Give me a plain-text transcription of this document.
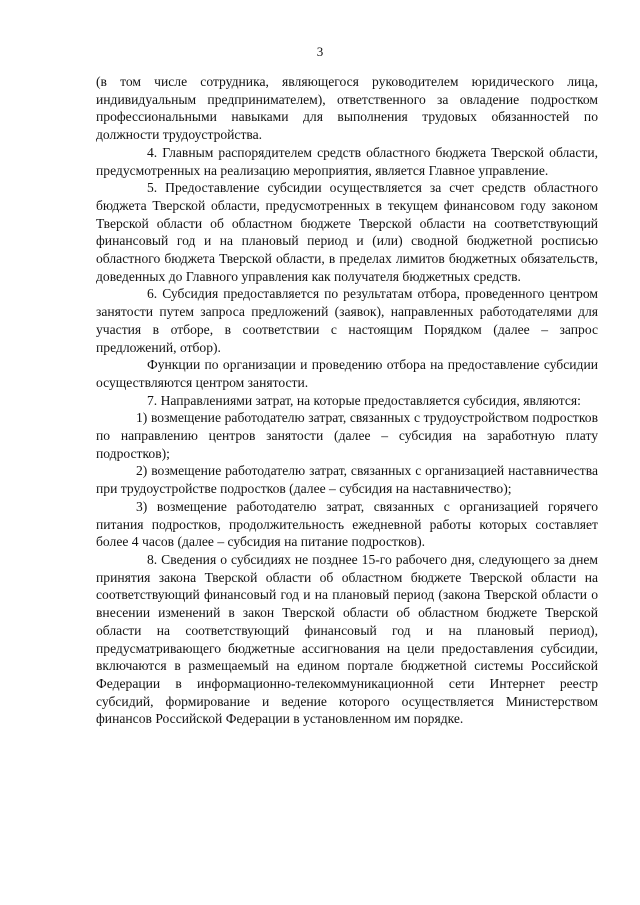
3

(в том числе сотрудника, являющегося руководителем юридического лица, индивидуальным предпринимателем), ответственного за овладение подростком профессиональными навыками для выполнения трудовых обязанностей по должности трудоустройства.

4. Главным распорядителем средств областного бюджета Тверской области, предусмотренных на реализацию мероприятия, является Главное управление.

5. Предоставление субсидии осуществляется за счет средств областного бюджета Тверской области, предусмотренных в текущем финансовом году законом Тверской области об областном бюджете Тверской области на соответствующий финансовый год и на плановый период и (или) сводной бюджетной росписью областного бюджета Тверской области, в пределах лимитов бюджетных обязательств, доведенных до Главного управления как получателя бюджетных средств.

6. Субсидия предоставляется по результатам отбора, проведенного центром занятости путем запроса предложений (заявок), направленных работодателями для участия в отборе, в соответствии с настоящим Порядком (далее – запрос предложений, отбор).

Функции по организации и проведению отбора на предоставление субсидии осуществляются центром занятости.

7. Направлениями затрат, на которые предоставляется субсидия, являются:

1) возмещение работодателю затрат, связанных с трудоустройством подростков по направлению центров занятости (далее – субсидия на заработную плату подростков);

2) возмещение работодателю затрат, связанных с организацией наставничества при трудоустройстве подростков (далее – субсидия на наставничество);

3) возмещение работодателю затрат, связанных с организацией горячего питания подростков, продолжительность ежедневной работы которых составляет более 4 часов (далее – субсидия на питание подростков).

8. Сведения о субсидиях не позднее 15-го рабочего дня, следующего за днем принятия закона Тверской области об областном бюджете Тверской области на соответствующий финансовый год и на плановый период (закона Тверской области о внесении изменений в закон Тверской области об областном бюджете Тверской области на соответствующий финансовый год и на плановый период), предусматривающего бюджетные ассигнования на цели предоставления субсидии, включаются в размещаемый на едином портале бюджетной системы Российской Федерации в информационно-телекоммуникационной сети Интернет реестр субсидий, формирование и ведение которого осуществляется Министерством финансов Российской Федерации в установленном им порядке.
